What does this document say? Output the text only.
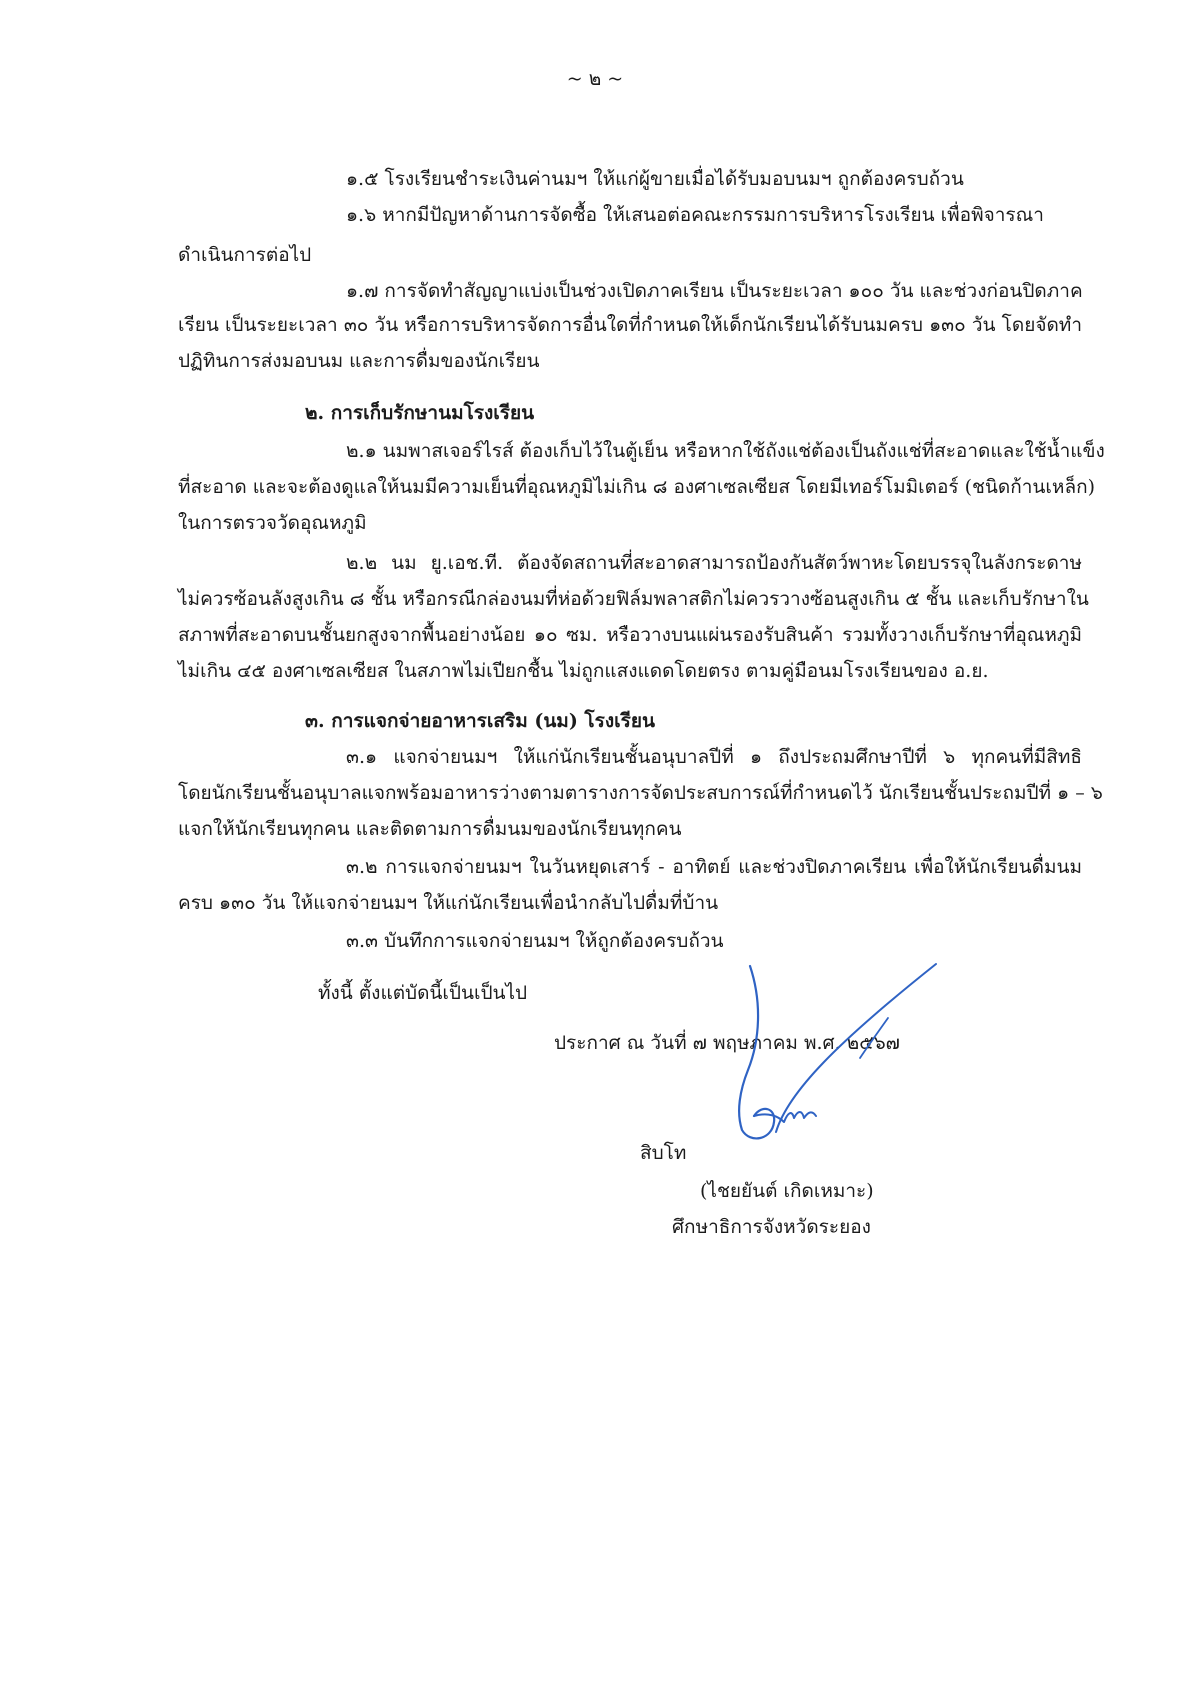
~ ๒ ~
๑.๕ โรงเรียนชำระเงินค่านมฯ ให้แก่ผู้ขายเมื่อได้รับมอบนมฯ ถูกต้องครบถ้วน
๑.๖ หากมีปัญหาด้านการจัดซื้อ ให้เสนอต่อคณะกรรมการบริหารโรงเรียน เพื่อพิจารณา
ดำเนินการต่อไป
๑.๗ การจัดทำสัญญาแบ่งเป็นช่วงเปิดภาคเรียน เป็นระยะเวลา ๑๐๐ วัน และช่วงก่อนปิดภาค
เรียน เป็นระยะเวลา ๓๐ วัน หรือการบริหารจัดการอื่นใดที่กำหนดให้เด็กนักเรียนได้รับนมครบ ๑๓๐ วัน โดยจัดทำ
ปฏิทินการส่งมอบนม และการดื่มของนักเรียน
๒. การเก็บรักษานมโรงเรียน
๒.๑ นมพาสเจอร์ไรส์ ต้องเก็บไว้ในตู้เย็น หรือหากใช้ถังแช่ต้องเป็นถังแช่ที่สะอาดและใช้น้ำแข็ง
ที่สะอาด และจะต้องดูแลให้นมมีความเย็นที่อุณหภูมิไม่เกิน ๘ องศาเซลเซียส โดยมีเทอร์โมมิเตอร์ (ชนิดก้านเหล็ก)
ในการตรวจวัดอุณหภูมิ
๒.๒ นม ยู.เอช.ที. ต้องจัดสถานที่สะอาดสามารถป้องกันสัตว์พาหะโดยบรรจุในลังกระดาษ
ไม่ควรซ้อนลังสูงเกิน ๘ ชั้น หรือกรณีกล่องนมที่ห่อด้วยฟิล์มพลาสติกไม่ควรวางซ้อนสูงเกิน ๕ ชั้น และเก็บรักษาใน
สภาพที่สะอาดบนชั้นยกสูงจากพื้นอย่างน้อย ๑๐ ซม. หรือวางบนแผ่นรองรับสินค้า รวมทั้งวางเก็บรักษาที่อุณหภูมิ
ไม่เกิน ๔๕ องศาเซลเซียส ในสภาพไม่เปียกชื้น ไม่ถูกแสงแดดโดยตรง ตามคู่มือนมโรงเรียนของ อ.ย.
๓. การแจกจ่ายอาหารเสริม (นม) โรงเรียน
๓.๑ แจกจ่ายนมฯ ให้แก่นักเรียนชั้นอนุบาลปีที่ ๑ ถึงประถมศึกษาปีที่ ๖ ทุกคนที่มีสิทธิ
โดยนักเรียนชั้นอนุบาลแจกพร้อมอาหารว่างตามตารางการจัดประสบการณ์ที่กำหนดไว้ นักเรียนชั้นประถมปีที่ ๑ – ๖
แจกให้นักเรียนทุกคน และติดตามการดื่มนมของนักเรียนทุกคน
๓.๒ การแจกจ่ายนมฯ ในวันหยุดเสาร์ - อาทิตย์ และช่วงปิดภาคเรียน เพื่อให้นักเรียนดื่มนม
ครบ ๑๓๐ วัน ให้แจกจ่ายนมฯ ให้แก่นักเรียนเพื่อนำกลับไปดื่มที่บ้าน
๓.๓ บันทึกการแจกจ่ายนมฯ ให้ถูกต้องครบถ้วน
ทั้งนี้ ตั้งแต่บัดนี้เป็นเป็นไป
ประกาศ ณ วันที่ ๗ พฤษภาคม พ.ศ. ๒๕๖๗
สิบโท
(ไชยยันต์ เกิดเหมาะ)
ศึกษาธิการจังหวัดระยอง
